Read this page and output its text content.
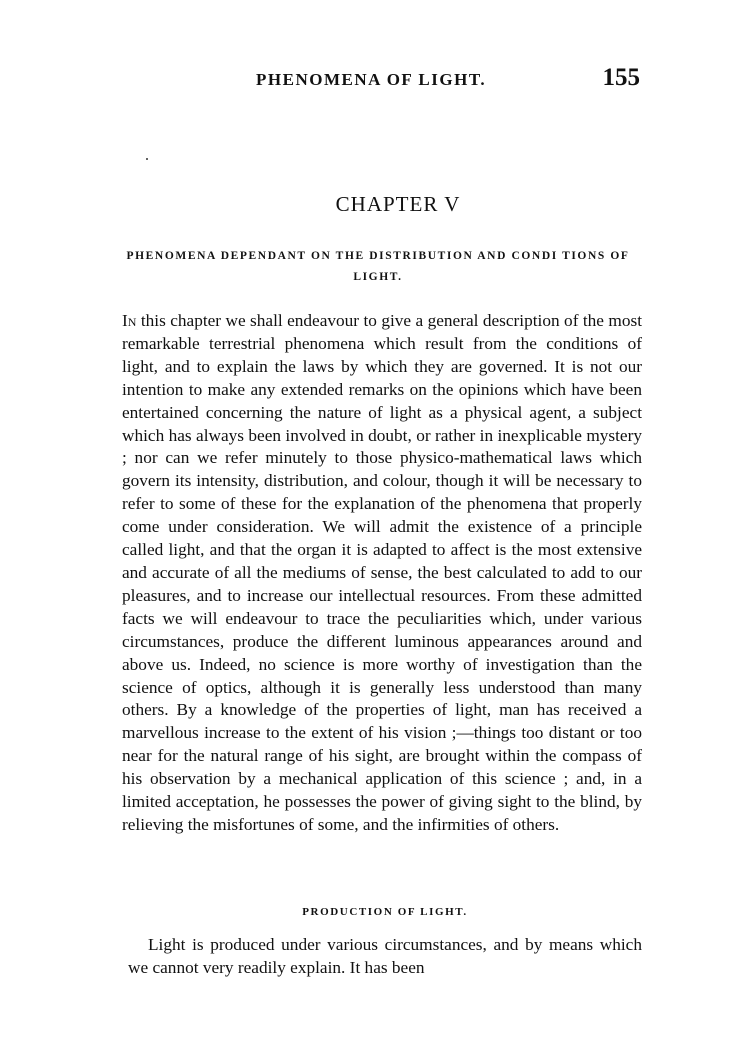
PHENOMENA OF LIGHT.	155
CHAPTER V
PHENOMENA DEPENDANT ON THE DISTRIBUTION AND CONDI TIONS OF LIGHT.
In this chapter we shall endeavour to give a general description of the most remarkable terrestrial phenomena which result from the conditions of light, and to explain the laws by which they are governed. It is not our intention to make any extended remarks on the opinions which have been entertained concerning the nature of light as a physical agent, a subject which has always been involved in doubt, or rather in inexplicable mystery ; nor can we refer minutely to those physico-mathematical laws which govern its intensity, distribution, and colour, though it will be necessary to refer to some of these for the explanation of the phenomena that properly come under consideration. We will admit the existence of a principle called light, and that the organ it is adapted to affect is the most extensive and accurate of all the mediums of sense, the best calculated to add to our pleasures, and to increase our intellectual resources. From these admitted facts we will endeavour to trace the peculiarities which, under various circumstances, produce the different luminous appearances around and above us. Indeed, no science is more worthy of investigation than the science of optics, although it is generally less understood than many others. By a knowledge of the properties of light, man has received a marvellous increase to the extent of his vision ;—things too distant or too near for the natural range of his sight, are brought within the compass of his observation by a mechanical application of this science ; and, in a limited acceptation, he possesses the power of giving sight to the blind, by relieving the misfortunes of some, and the infirmities of others.
PRODUCTION OF LIGHT.
Light is produced under various circumstances, and by means which we cannot very readily explain. It has been
